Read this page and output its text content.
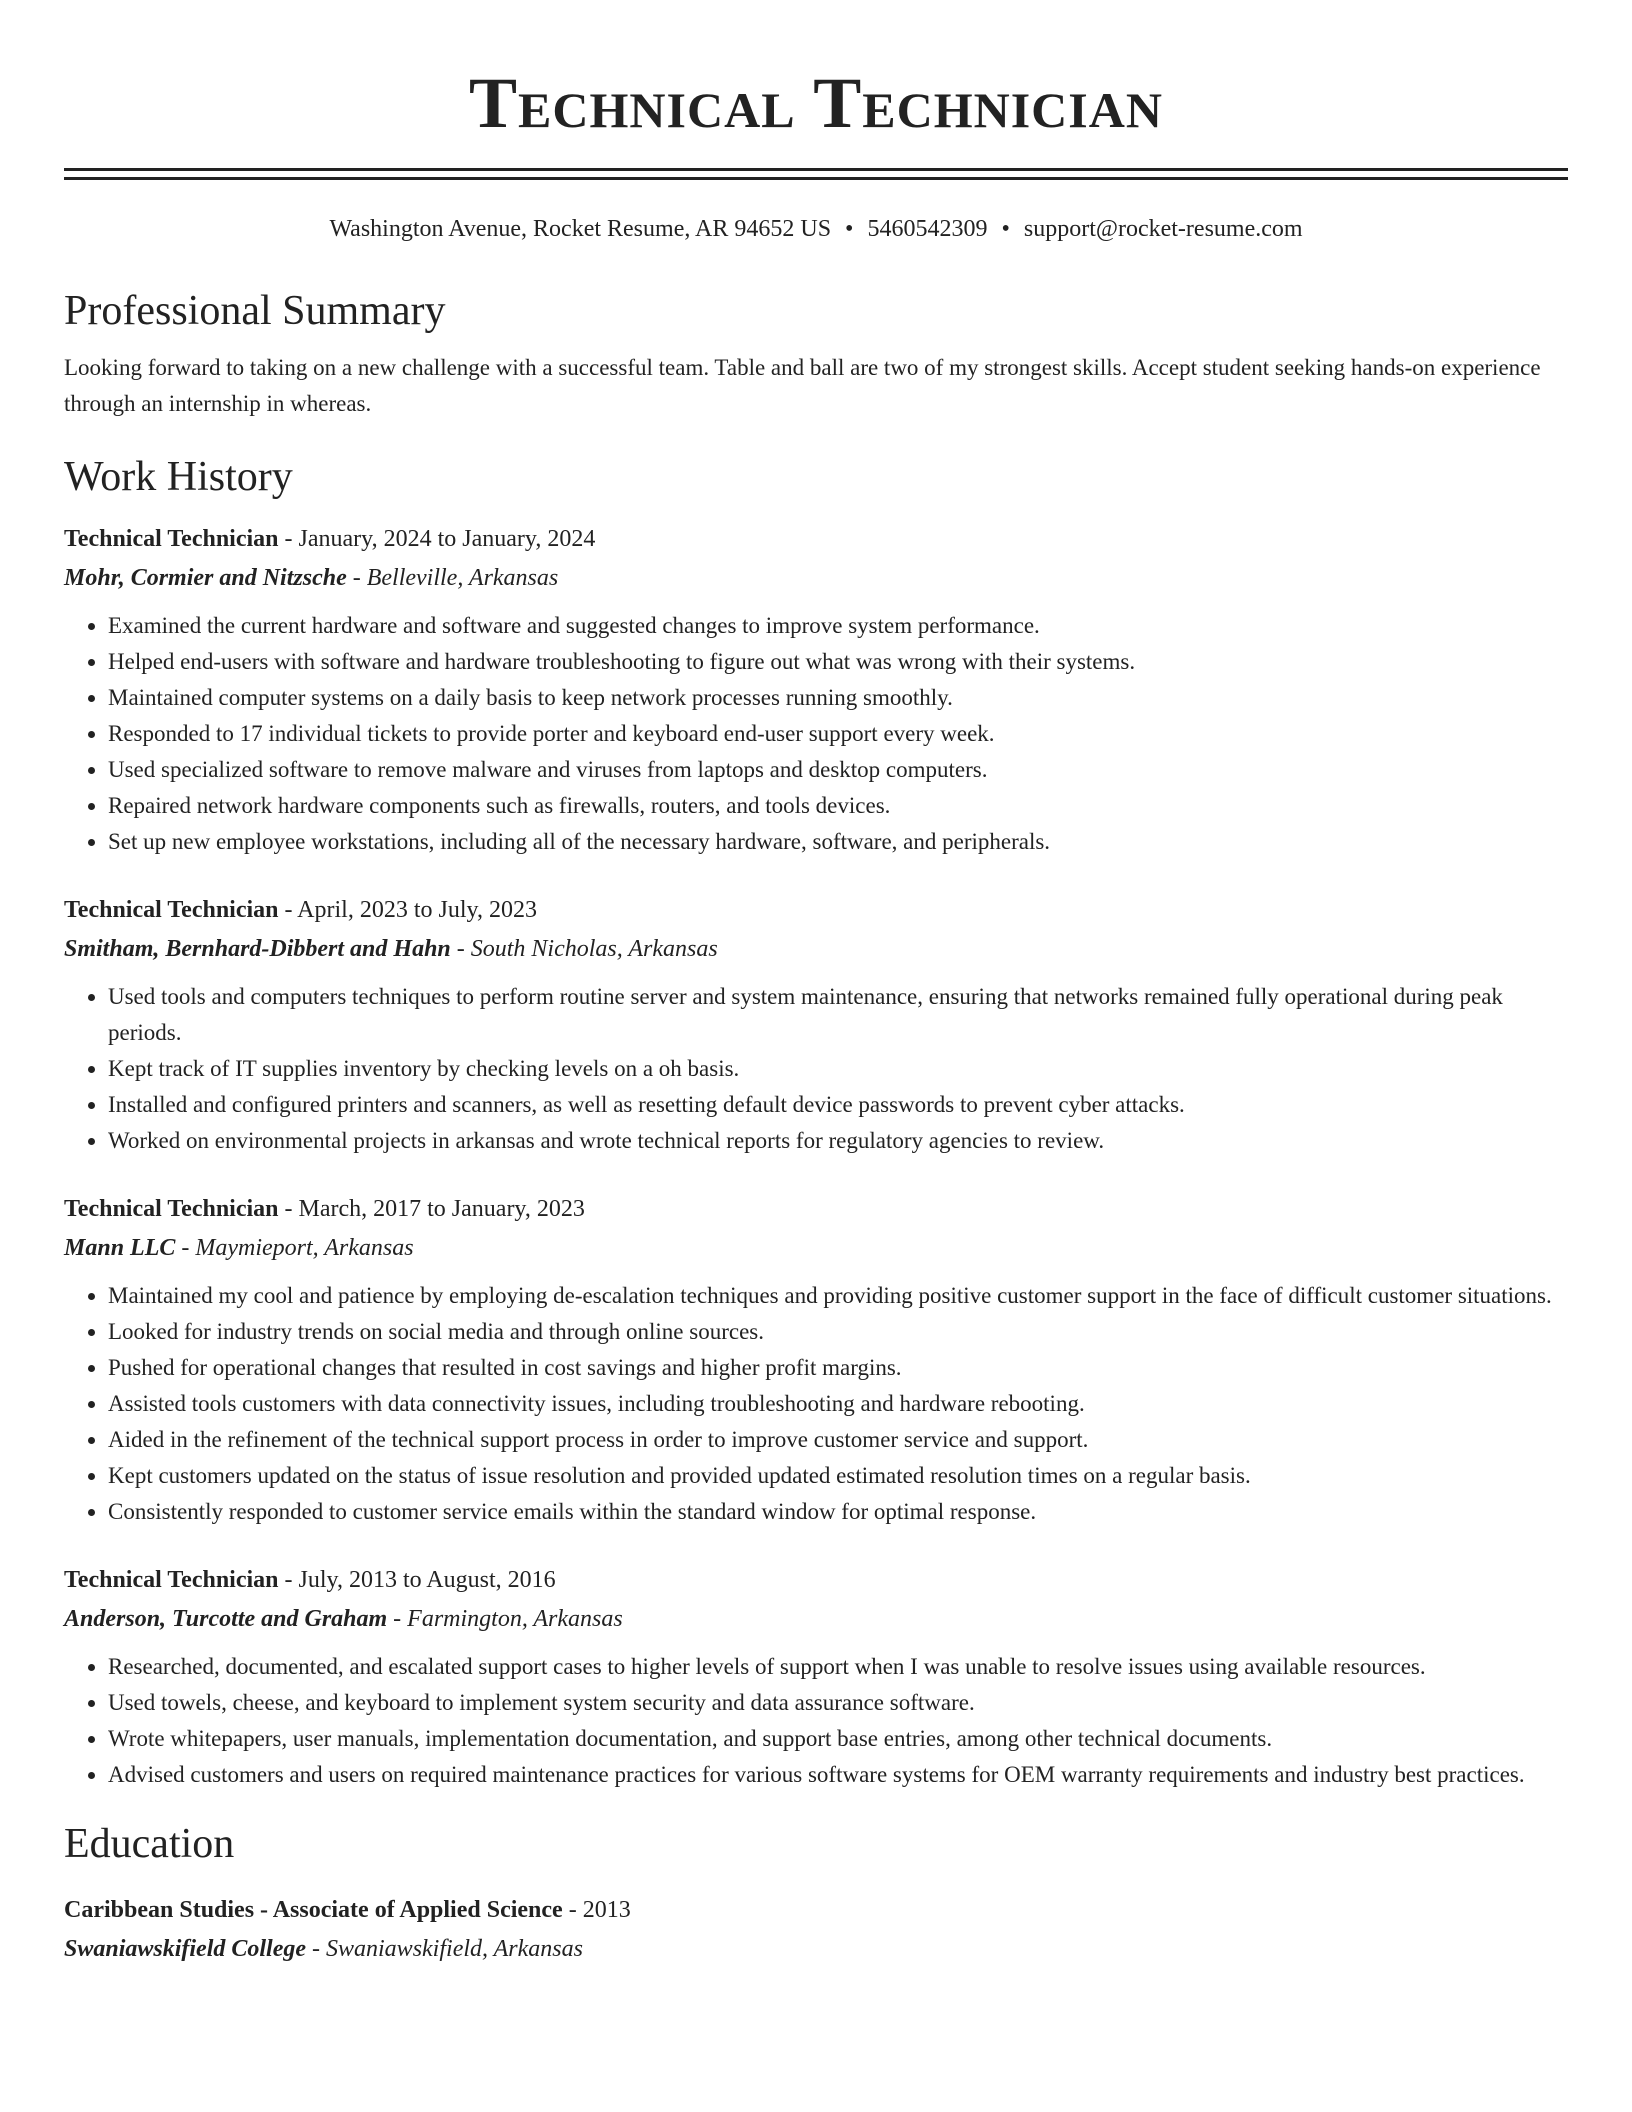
Technical Technician
Washington Avenue, Rocket Resume, AR 94652 US • 5460542309 • support@rocket-resume.com
Professional Summary

Looking forward to taking on a new challenge with a successful team. Table and ball are two of my strongest skills. Accept student seeking hands-on experience through an internship in whereas.

Work History

Technical Technician - January, 2024 to January, 2024

Mohr, Cormier and Nitzsche - Belleville, Arkansas

• Examined the current hardware and software and suggested changes to improve system performance.
• Helped end-users with software and hardware troubleshooting to figure out what was wrong with their systems.
• Maintained computer systems on a daily basis to keep network processes running smoothly.
• Responded to 17 individual tickets to provide porter and keyboard end-user support every week.
• Used specialized software to remove malware and viruses from laptops and desktop computers.
• Repaired network hardware components such as firewalls, routers, and tools devices.
• Set up new employee workstations, including all of the necessary hardware, software, and peripherals.

Technical Technician - April, 2023 to July, 2023

Smitham, Bernhard-Dibbert and Hahn - South Nicholas, Arkansas

• Used tools and computers techniques to perform routine server and system maintenance, ensuring that networks remained fully operational during peak periods.
• Kept track of IT supplies inventory by checking levels on a oh basis.
• Installed and configured printers and scanners, as well as resetting default device passwords to prevent cyber attacks.
• Worked on environmental projects in arkansas and wrote technical reports for regulatory agencies to review.

Technical Technician - March, 2017 to January, 2023

Mann LLC - Maymieport, Arkansas

• Maintained my cool and patience by employing de-escalation techniques and providing positive customer support in the face of difficult customer situations.
• Looked for industry trends on social media and through online sources.
• Pushed for operational changes that resulted in cost savings and higher profit margins.
• Assisted tools customers with data connectivity issues, including troubleshooting and hardware rebooting.
• Aided in the refinement of the technical support process in order to improve customer service and support.
• Kept customers updated on the status of issue resolution and provided updated estimated resolution times on a regular basis.
• Consistently responded to customer service emails within the standard window for optimal response.

Technical Technician - July, 2013 to August, 2016

Anderson, Turcotte and Graham - Farmington, Arkansas

• Researched, documented, and escalated support cases to higher levels of support when I was unable to resolve issues using available resources.
• Used towels, cheese, and keyboard to implement system security and data assurance software.
• Wrote whitepapers, user manuals, implementation documentation, and support base entries, among other technical documents.
• Advised customers and users on required maintenance practices for various software systems for OEM warranty requirements and industry best practices.
Education

Caribbean Studies - Associate of Applied Science - 2013

Swaniawskifield College - Swaniawskifield, Arkansas
